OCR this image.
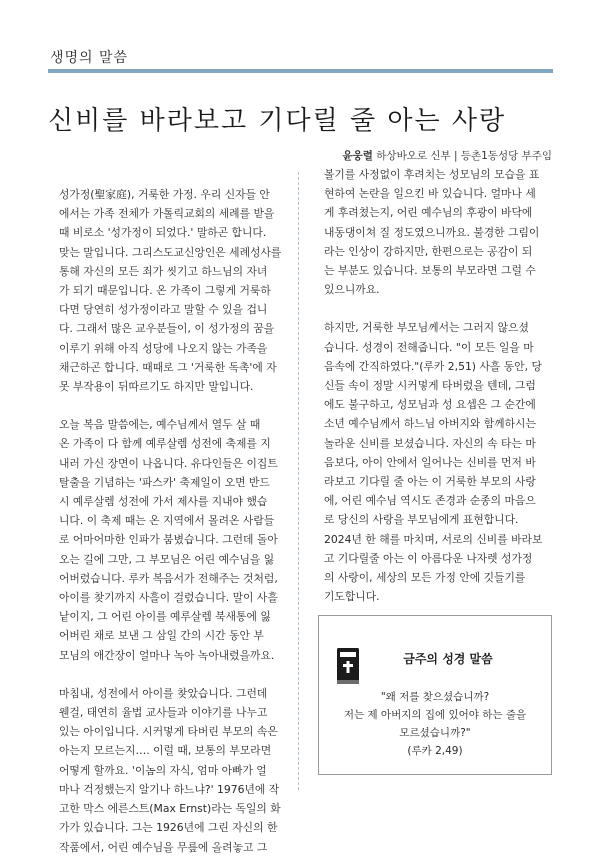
생명의 말씀
신비를 바라보고 기다릴 줄 아는 사랑
윤웅렬 하상바오로 신부 | 등촌1동성당 부주임

성가정(聖家庭), 거룩한 가정. 우리 신자들 안
에서는 가족 전체가 가톨릭교회의 세례를 받을
때 비로소 '성가정이 되었다.' 말하곤 합니다.
맞는 말입니다. 그리스도교신앙인은 세례성사를
통해 자신의 모든 죄가 씻기고 하느님의 자녀
가 되기 때문입니다. 온 가족이 그렇게 거룩하
다면 당연히 성가정이라고 말할 수 있을 겁니
다. 그래서 많은 교우분들이, 이 성가정의 꿈을
이루기 위해 아직 성당에 나오지 않는 가족을
채근하곤 합니다. 때때로 그 '거룩한 독촉'에 자
못 부작용이 뒤따르기도 하지만 말입니다.

오늘 복음 말씀에는, 예수님께서 열두 살 때
온 가족이 다 함께 예루살렘 성전에 축제를 지
내러 가신 장면이 나옵니다. 유다인들은 이집트
탈출을 기념하는 '파스카' 축제일이 오면 반드
시 예루살렘 성전에 가서 제사를 지내야 했습
니다. 이 축제 때는 온 지역에서 몰려온 사람들
로 어마어마한 인파가 붐볐습니다. 그런데 돌아
오는 길에 그만, 그 부모님은 어린 예수님을 잃
어버렸습니다. 루카 복음서가 전해주는 것처럼,
아이를 찾기까지 사흘이 걸렸습니다. 말이 사흘
낱이지, 그 어린 아이를 예루살렘 북새통에 잃
어버린 채로 보낸 그 삼일 간의 시간 동안 부
모님의 애간장이 얼마나 녹아 녹아내렸을까요.

마침내, 성전에서 아이를 찾았습니다. 그런데
웬걸, 태연히 율법 교사들과 이야기를 나누고
있는 아이입니다. 시커멓게 타버린 부모의 속은
아는지 모르는지…. 이럴 때, 보통의 부모라면
어떻게 할까요. '이놈의 자식, 엄마 아빠가 얼
마나 걱정했는지 알기나 하느냐?' 1976년에 작
고한 막스 에른스트(Max Ernst)라는 독일의 화
가가 있습니다. 그는 1926년에 그린 자신의 한
작품에서, 어린 예수님을 무릎에 올려놓고 그

볼기를 사정없이 후려치는 성모님의 모습을 표
현하여 논란을 일으킨 바 있습니다. 얼마나 세
게 후려쳤는지, 어린 예수님의 후광이 바닥에
내동댕이쳐 질 정도였으니까요. 불경한 그림이
라는 인상이 강하지만, 한편으로는 공감이 되
는 부분도 있습니다. 보통의 부모라면 그럴 수
있으니까요.

하지만, 거룩한 부모님께서는 그러지 않으셨
습니다. 성경이 전해줍니다. "이 모든 일을 마
음속에 간직하였다."(루카 2,51) 사흘 동안, 당
신들 속이 정말 시커멓게 타버렸을 텐데, 그럼
에도 불구하고, 성모님과 성 요셉은 그 순간에
소년 예수님께서 하느님 아버지와 함께하시는
놀라운 신비를 보셨습니다. 자신의 속 타는 마
음보다, 아이 안에서 일어나는 신비를 먼저 바
라보고 기다릴 줄 아는 이 거룩한 부모의 사랑
에, 어린 예수님 역시도 존경과 순종의 마음으
로 당신의 사랑을 부모님에게 표현합니다.
2024년 한 해를 마치며, 서로의 신비를 바라보
고 기다릴줄 아는 이 아름다운 나자렛 성가정
의 사랑이, 세상의 모든 가정 안에 깃들기를
기도합니다.

금주의 성경 말씀
"왜 저를 찾으셨습니까?
저는 제 아버지의 집에 있어야 하는 줄을
모르셨습니까?"
(루카 2,49)
